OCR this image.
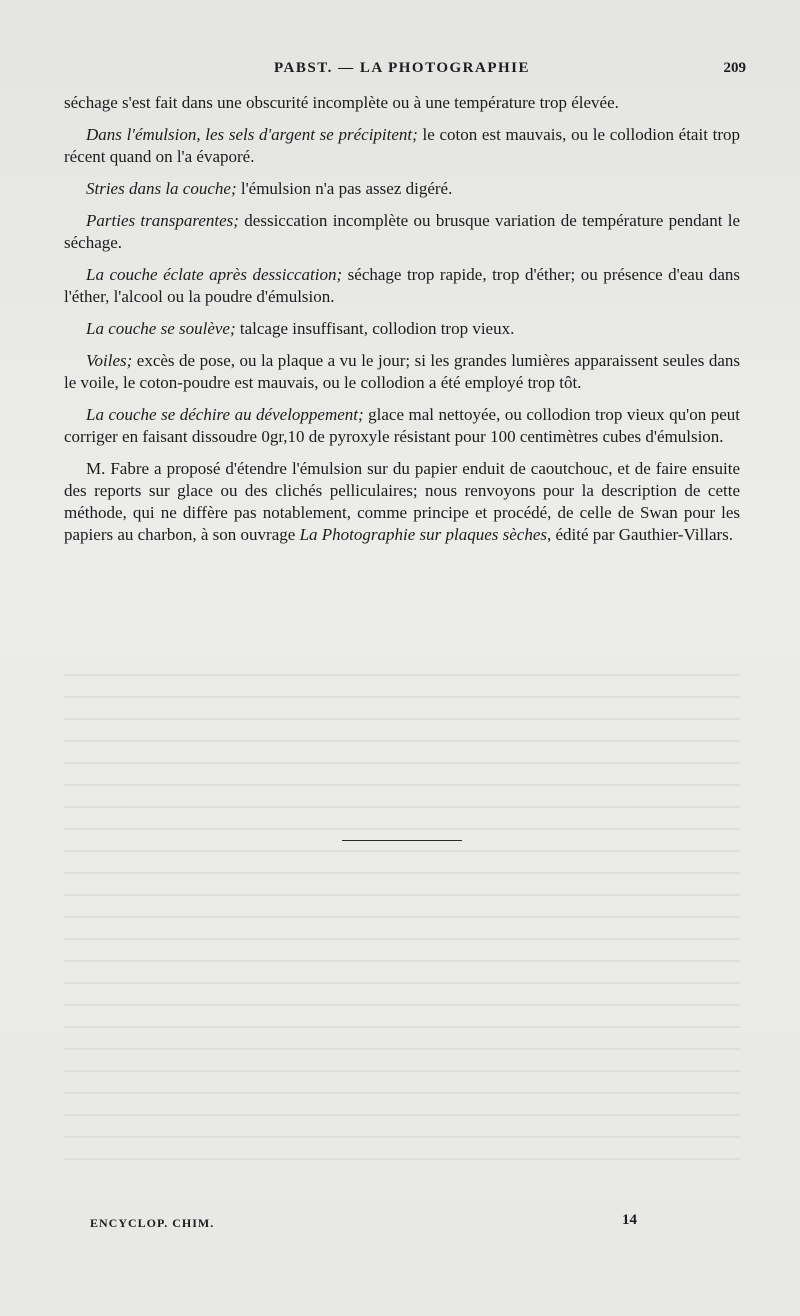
PABST. — LA PHOTOGRAPHIE	209

séchage s'est fait dans une obscurité incomplète ou à une température trop élevée.

Dans l'émulsion, les sels d'argent se précipitent; le coton est mauvais, ou le collodion était trop récent quand on l'a évaporé.

Stries dans la couche; l'émulsion n'a pas assez digéré.

Parties transparentes; dessiccation incomplète ou brusque variation de température pendant le séchage.

La couche éclate après dessiccation; séchage trop rapide, trop d'éther; ou présence d'eau dans l'éther, l'alcool ou la poudre d'émulsion.

La couche se soulève; talcage insuffisant, collodion trop vieux.

Voiles; excès de pose, ou la plaque a vu le jour; si les grandes lumières apparaissent seules dans le voile, le coton-poudre est mauvais, ou le collodion a été employé trop tôt.

La couche se déchire au développement; glace mal nettoyée, ou collodion trop vieux qu'on peut corriger en faisant dissoudre 0gr,10 de pyroxyle résistant pour 100 centimètres cubes d'émulsion.

M. Fabre a proposé d'étendre l'émulsion sur du papier enduit de caoutchouc, et de faire ensuite des reports sur glace ou des clichés pelliculaires; nous renvoyons pour la description de cette méthode, qui ne diffère pas notablement, comme principe et procédé, de celle de Swan pour les papiers au charbon, à son ouvrage La Photographie sur plaques sèches, édité par Gauthier-Villars.

ENCYCLOP. CHIM.	14
